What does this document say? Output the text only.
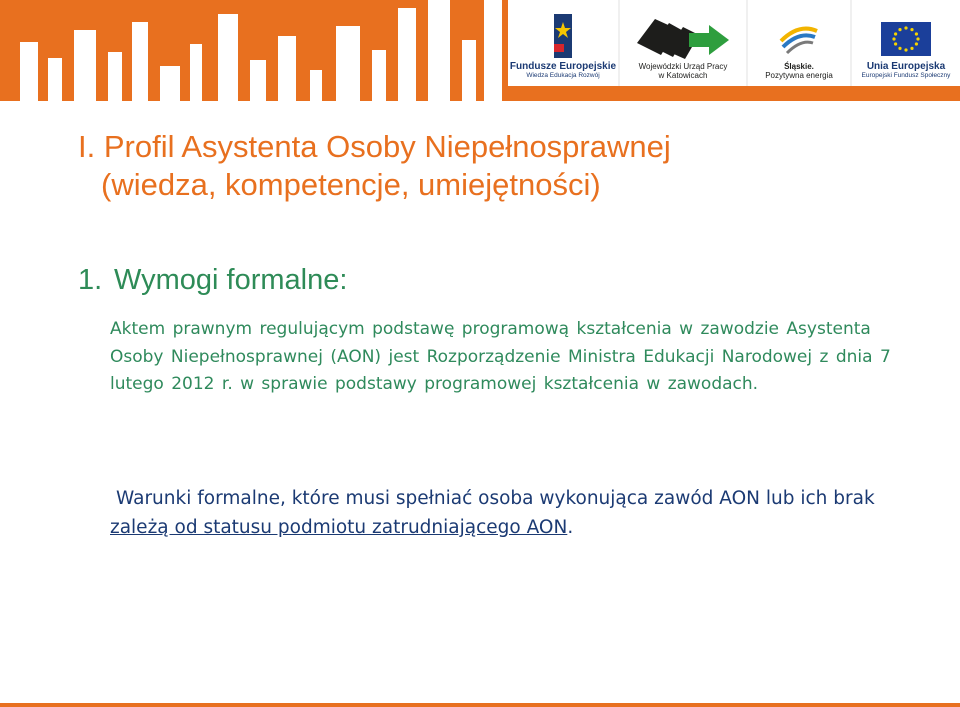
Fundusze Europejskie

Wiedza Edukacja Rozwój

Wojewódzki Urząd Pracy

w Katowicach

Śląskie.

Pozytywna energia

Unia Europejska

Europejski Fundusz Społeczny

I. Profil Asystenta Osoby Niepełnosprawnej
(wiedza, kompetencje, umiejętności)
1. Wymogi formalne:

Aktem prawnym regulującym podstawę programową kształcenia w zawodzie Asystenta Osoby Niepełnosprawnej (AON) jest Rozporządzenie Ministra Edukacji Narodowej z dnia 7 lutego 2012 r. w sprawie podstawy programowej kształcenia w zawodach.

Warunki formalne, które musi spełniać osoba wykonująca zawód AON lub ich brak zależą od statusu podmiotu zatrudniającego AON.
